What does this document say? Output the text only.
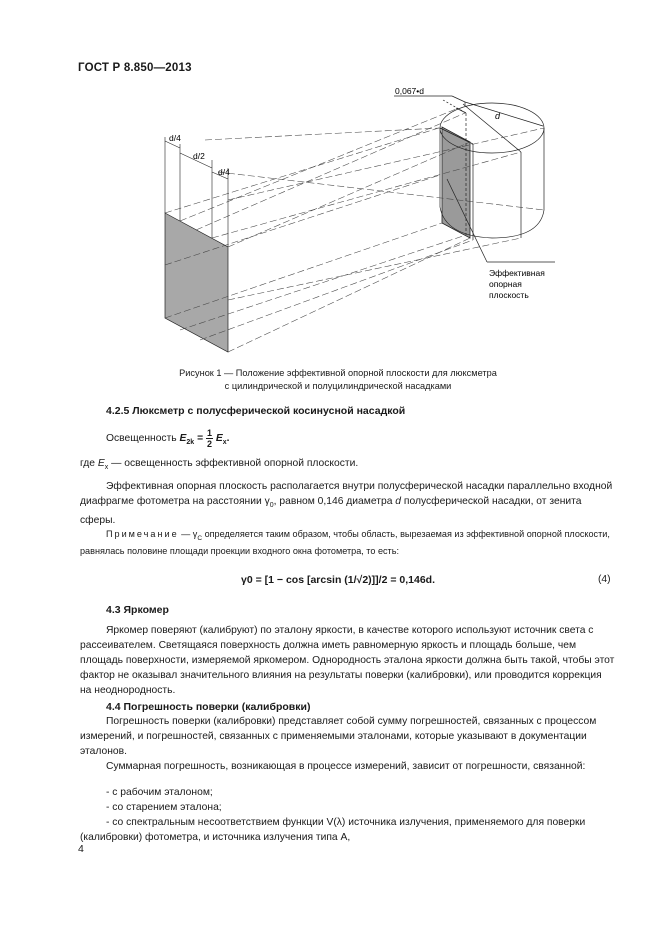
ГОСТ Р 8.850—2013
d/4
d/2
d/4
0,067•d
d
Эффективная
опорная
плоскость
Рисунок 1 — Положение эффективной опорной плоскости для люксметра
с цилиндрической и полуцилиндрической насадками
4.2.5 Люксметр с полусферической косинусной насадкой
Освещенность $E_{2k} = \frac{1}{2} E_x$.
где $E_x$ — освещенность эффективной опорной плоскости.
Эффективная опорная плоскость располагается внутри полусферической насадки параллельно входной диафрагме фотометра на расстоянии $\gamma_0$, равном 0,146 диаметра d полусферической насадки, от зенита сферы.
Примечание — $\gamma_C$ определяется таким образом, чтобы область, вырезаемая из эффективной опорной плоскости, равнялась половине площади проекции входного окна фотометра, то есть:
γ0 = [1 − cos [arcsin (1/√2)]]/2 = 0,146d.	(4)
4.3 Яркомер
Яркомер поверяют (калибруют) по эталону яркости, в качестве которого используют источник света с рассеивателем. Светящаяся поверхность должна иметь равномерную яркость и площадь больше, чем площадь поверхности, измеряемой яркомером. Однородность эталона яркости должна быть такой, чтобы этот фактор не оказывал значительного влияния на результаты поверки (калибровки), или проводится коррекция на неоднородность.
4.4 Погрешность поверки (калибровки)
Погрешность поверки (калибровки) представляет собой сумму погрешностей, связанных с процессом измерений, и погрешностей, связанных с применяемыми эталонами, которые указывают в документации эталонов.
Суммарная погрешность, возникающая в процессе измерений, зависит от погрешности, связанной:
- с рабочим эталоном;
- со старением эталона;
- со спектральным несоответствием функции V(λ) источника излучения, применяемого для поверки (калибровки) фотометра, и источника излучения типа А,
4
